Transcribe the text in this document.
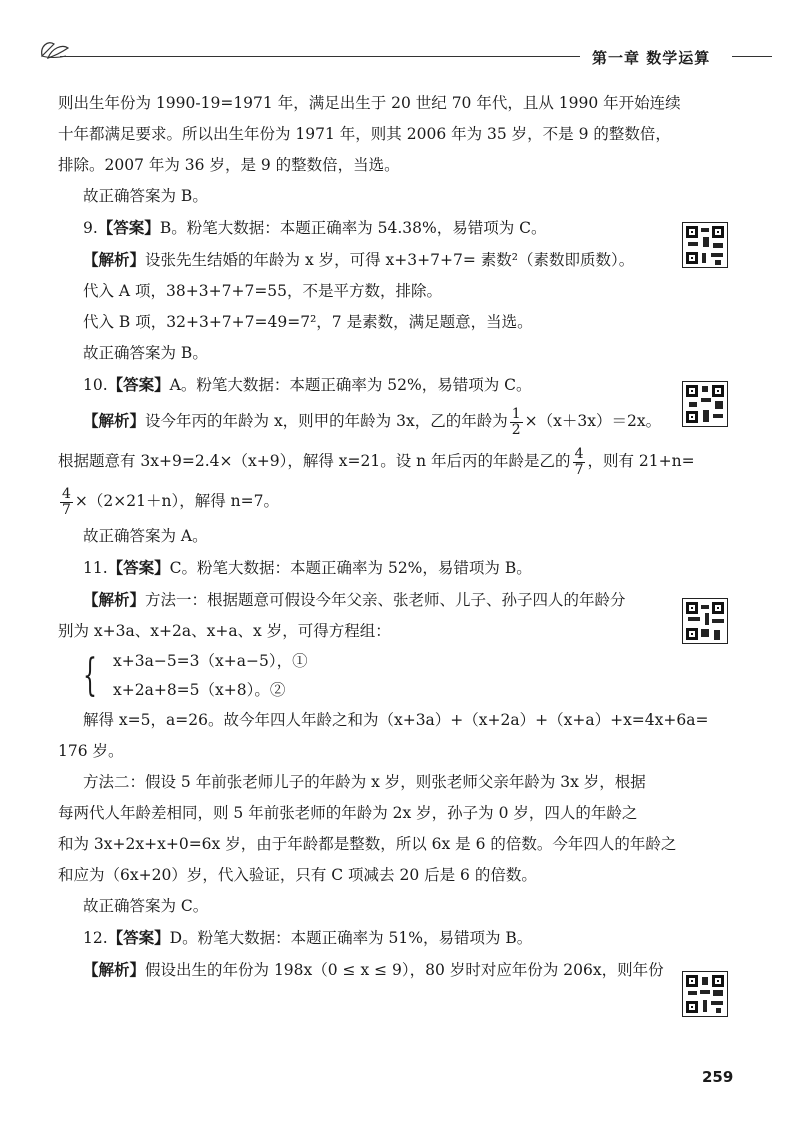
第一章 数学运算

则出生年份为 1990-19=1971 年，满足出生于 20 世纪 70 年代，且从 1990 年开始连续

十年都满足要求。所以出生年份为 1971 年，则其 2006 年为 35 岁，不是 9 的整数倍，

排除。2007 年为 36 岁，是 9 的整数倍，当选。

故正确答案为 B。

9.【答案】B。粉笔大数据：本题正确率为 54.38%，易错项为 C。

【解析】设张先生结婚的年龄为 x 岁，可得 x+3+7+7= 素数²（素数即质数）。

代入 A 项，38+3+7+7=55，不是平方数，排除。

代入 B 项，32+3+7+7=49=7²，7 是素数，满足题意，当选。

故正确答案为 B。

10.【答案】A。粉笔大数据：本题正确率为 52%，易错项为 C。

【解析】设今年丙的年龄为 x，则甲的年龄为 3x，乙的年龄为 $\frac{1}{2} \times(x+3x)=2x$。

根据题意有 3x+9=2.4×（x+9），解得 x=21。设 n 年后丙的年龄是乙的 $\frac{4}{7}$ ，则有 21+n=

$\frac{4}{7} \times(2\times 21+n)$，解得 n=7。

故正确答案为 A。

11.【答案】C。粉笔大数据：本题正确率为 52%，易错项为 B。

【解析】方法一：根据题意可假设今年父亲、张老师、儿子、孙子四人的年龄分

别为 x+3a、x+2a、x+a、x 岁，可得方程组：

{ x+3a−5=3（x+a−5），①

x+2a+8=5（x+8）。②

解得 x=5，a=26。故今年四人年龄之和为（x+3a）+（x+2a）+（x+a）+x=4x+6a=

176 岁。

方法二：假设 5 年前张老师儿子的年龄为 x 岁，则张老师父亲年龄为 3x 岁，根据

每两代人年龄差相同，则 5 年前张老师的年龄为 2x 岁，孙子为 0 岁，四人的年龄之

和为 3x+2x+x+0=6x 岁，由于年龄都是整数，所以 6x 是 6 的倍数。今年四人的年龄之

和应为（6x+20）岁，代入验证，只有 C 项减去 20 后是 6 的倍数。

故正确答案为 C。

12.【答案】D。粉笔大数据：本题正确率为 51%，易错项为 B。

【解析】假设出生的年份为 198x（0 ≤ x ≤ 9），80 岁时对应年份为 206x，则年份

259
